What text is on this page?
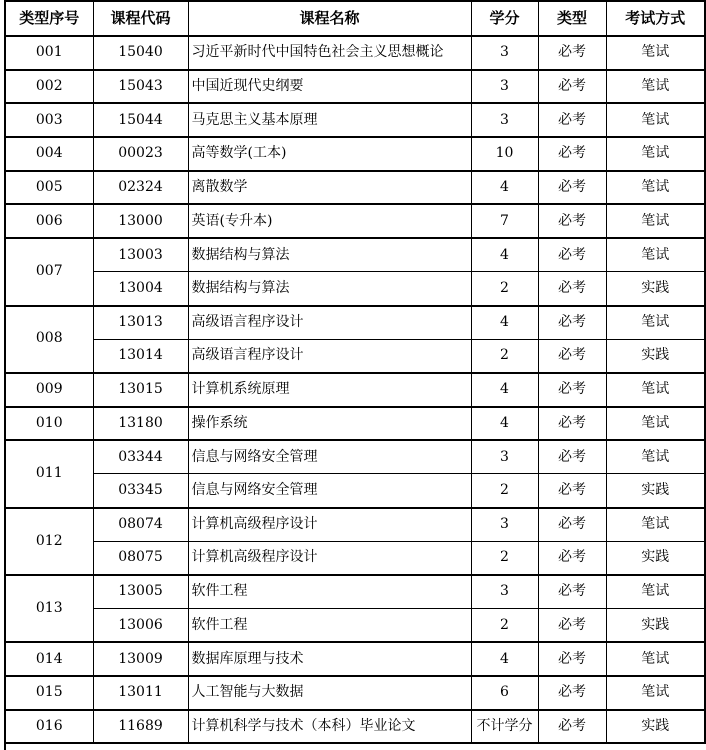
类型序号	课程代码	课程名称	学分	类型	考试方式
001	15040	习近平新时代中国特色社会主义思想概论	3	必考	笔试
002	15043	中国近现代史纲要	3	必考	笔试
003	15044	马克思主义基本原理	3	必考	笔试
004	00023	高等数学(工本)	10	必考	笔试
005	02324	离散数学	4	必考	笔试
006	13000	英语(专升本)	7	必考	笔试
007	13003	数据结构与算法	4	必考	笔试
	13004	数据结构与算法	2	必考	实践
008	13013	高级语言程序设计	4	必考	笔试
	13014	高级语言程序设计	2	必考	实践
009	13015	计算机系统原理	4	必考	笔试
010	13180	操作系统	4	必考	笔试
011	03344	信息与网络安全管理	3	必考	笔试
	03345	信息与网络安全管理	2	必考	实践
012	08074	计算机高级程序设计	3	必考	笔试
	08075	计算机高级程序设计	2	必考	实践
013	13005	软件工程	3	必考	笔试
	13006	软件工程	2	必考	实践
014	13009	数据库原理与技术	4	必考	笔试
015	13011	人工智能与大数据	6	必考	笔试
016	11689	计算机科学与技术（本科）毕业论文	不计学分	必考	实践
